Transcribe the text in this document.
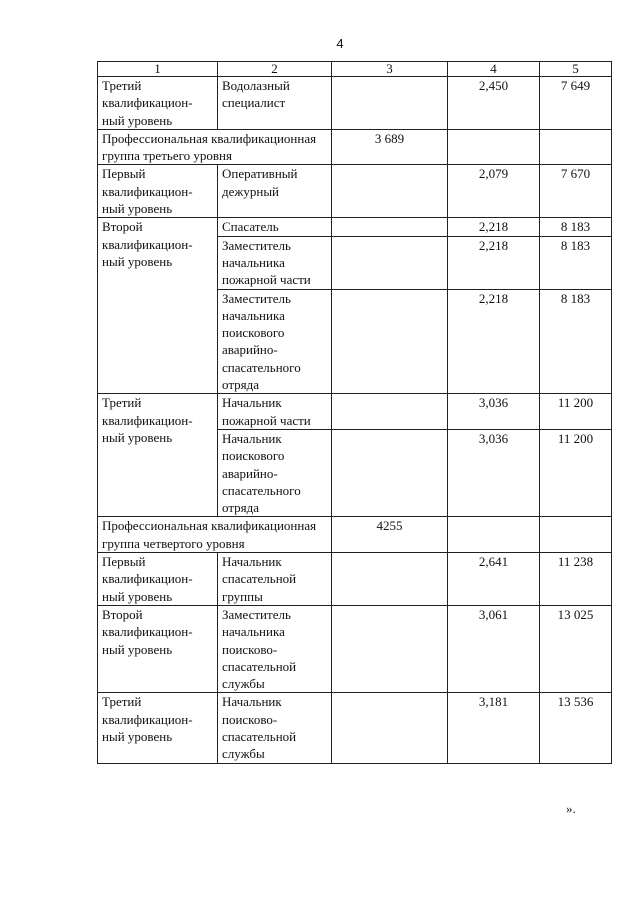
4
1	2	3	4	5
Третий квалификацион-ный уровень	Водолазный специалист		2,450	7 649
Профессиональная квалификационная группа третьего уровня		3 689		
Первый квалификацион-ный уровень	Оперативный дежурный		2,079	7 670
Второй квалификацион-ный уровень	Спасатель		2,218	8 183
	Заместитель начальника пожарной части		2,218	8 183
	Заместитель начальника поискового аварийно-спасательного отряда		2,218	8 183
Третий квалификацион-ный уровень	Начальник пожарной части		3,036	11 200
	Начальник поискового аварийно-спасательного отряда		3,036	11 200
Профессиональная квалификационная группа четвертого уровня		4255		
Первый квалификацион-ный уровень	Начальник спасательной группы		2,641	11 238
Второй квалификацион-ный уровень	Заместитель начальника поисково-спасательной службы		3,061	13 025
Третий квалификацион-ный уровень	Начальник поисково-спасательной службы		3,181	13 536
».
